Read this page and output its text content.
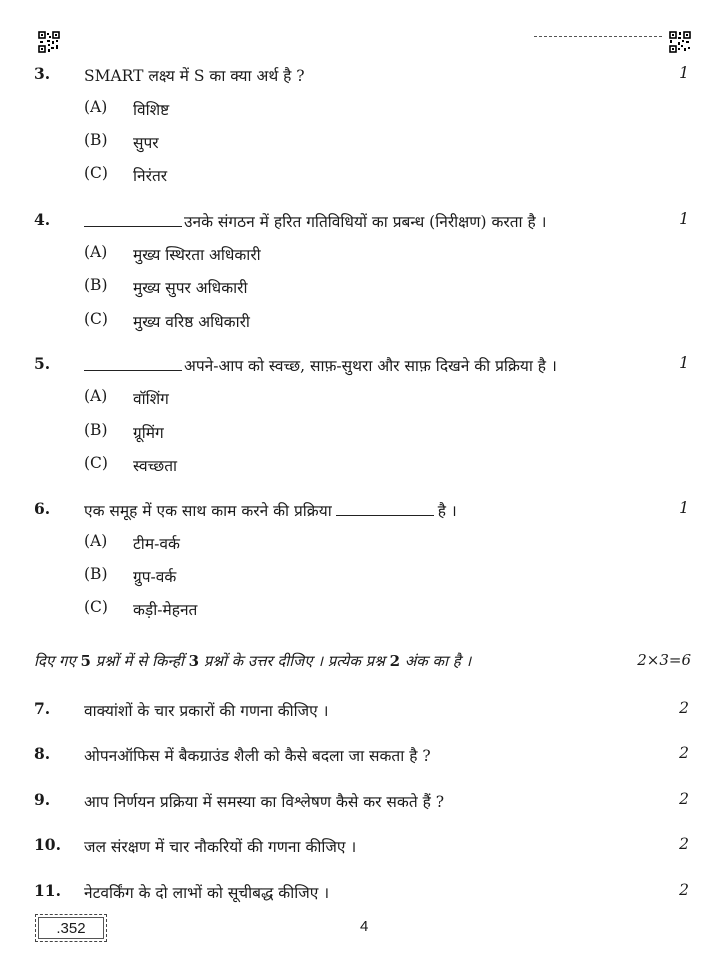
3. SMART लक्ष्य में S का क्या अर्थ है ?	1
(A) विशिष्ट
(B) सुपर
(C) निरंतर
4.	उनके संगठन में हरित गतिविधियों का प्रबन्ध (निरीक्षण) करता है ।	1
(A) मुख्य स्थिरता अधिकारी
(B) मुख्य सुपर अधिकारी
(C) मुख्य वरिष्ठ अधिकारी
5.	अपने-आप को स्वच्छ, साफ़-सुथरा और साफ़ दिखने की प्रक्रिया है ।	1
(A) वॉशिंग
(B) ग्रूमिंग
(C) स्वच्छता
6. एक समूह में एक साथ काम करने की प्रक्रिया	है ।	1
(A) टीम-वर्क
(B) ग्रुप-वर्क
(C) कड़ी-मेहनत
दिए गए 5 प्रश्नों में से किन्हीं 3 प्रश्नों के उत्तर दीजिए । प्रत्येक प्रश्न 2 अंक का है ।	2×3=6
7. वाक्यांशों के चार प्रकारों की गणना कीजिए ।	2
8. ओपनऑफिस में बैकग्राउंड शैली को कैसे बदला जा सकता है ?	2
9. आप निर्णयन प्रक्रिया में समस्या का विश्लेषण कैसे कर सकते हैं ?	2
10. जल संरक्षण में चार नौकरियों की गणना कीजिए ।	2
11. नेटवर्किंग के दो लाभों को सूचीबद्ध कीजिए ।	2
.352	4
